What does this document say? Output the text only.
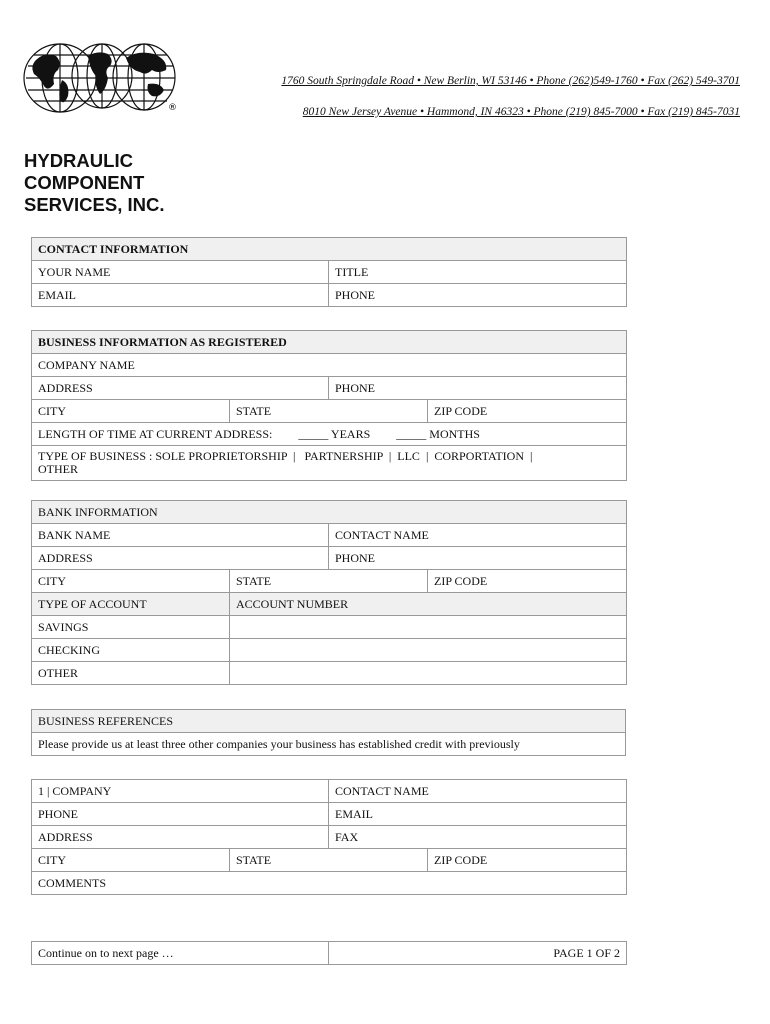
®
1760 South Springdale Road • New Berlin, WI 53146 • Phone (262)549-1760 • Fax (262) 549-3701
8010 New Jersey Avenue • Hammond, IN 46323 • Phone (219) 845-7000 • Fax (219) 845-7031
HYDRAULIC
COMPONENT
SERVICES, INC.
CONTACT INFORMATION	
YOUR NAME	TITLE
EMAIL	PHONE
BUSINESS INFORMATION AS REGISTERED			
COMPANY NAME			
ADDRESS		PHONE	
CITY	STATE		ZIP CODE
LENGTH OF TIME AT CURRENT ADDRESS: _____ YEARS _____ MONTHS			

TYPE OF BUSINESS : SOLE PROPRIETORSHIP  |   PARTNERSHIP  |  LLC  |  CORPORTATION  |
OTHER			
BANK INFORMATION			
BANK NAME		CONTACT NAME	
ADDRESS		PHONE	
CITY	STATE		ZIP CODE
TYPE OF ACCOUNT	ACCOUNT NUMBER		
SAVINGS			
CHECKING			
OTHER			
BUSINESS REFERENCES
Please provide us at least three other companies your business has established credit with previously
1 | COMPANY		CONTACT NAME	
PHONE		EMAIL	
ADDRESS		FAX	
CITY	STATE		ZIP CODE
COMMENTS			
Continue on to next page …	PAGE 1 OF 2
